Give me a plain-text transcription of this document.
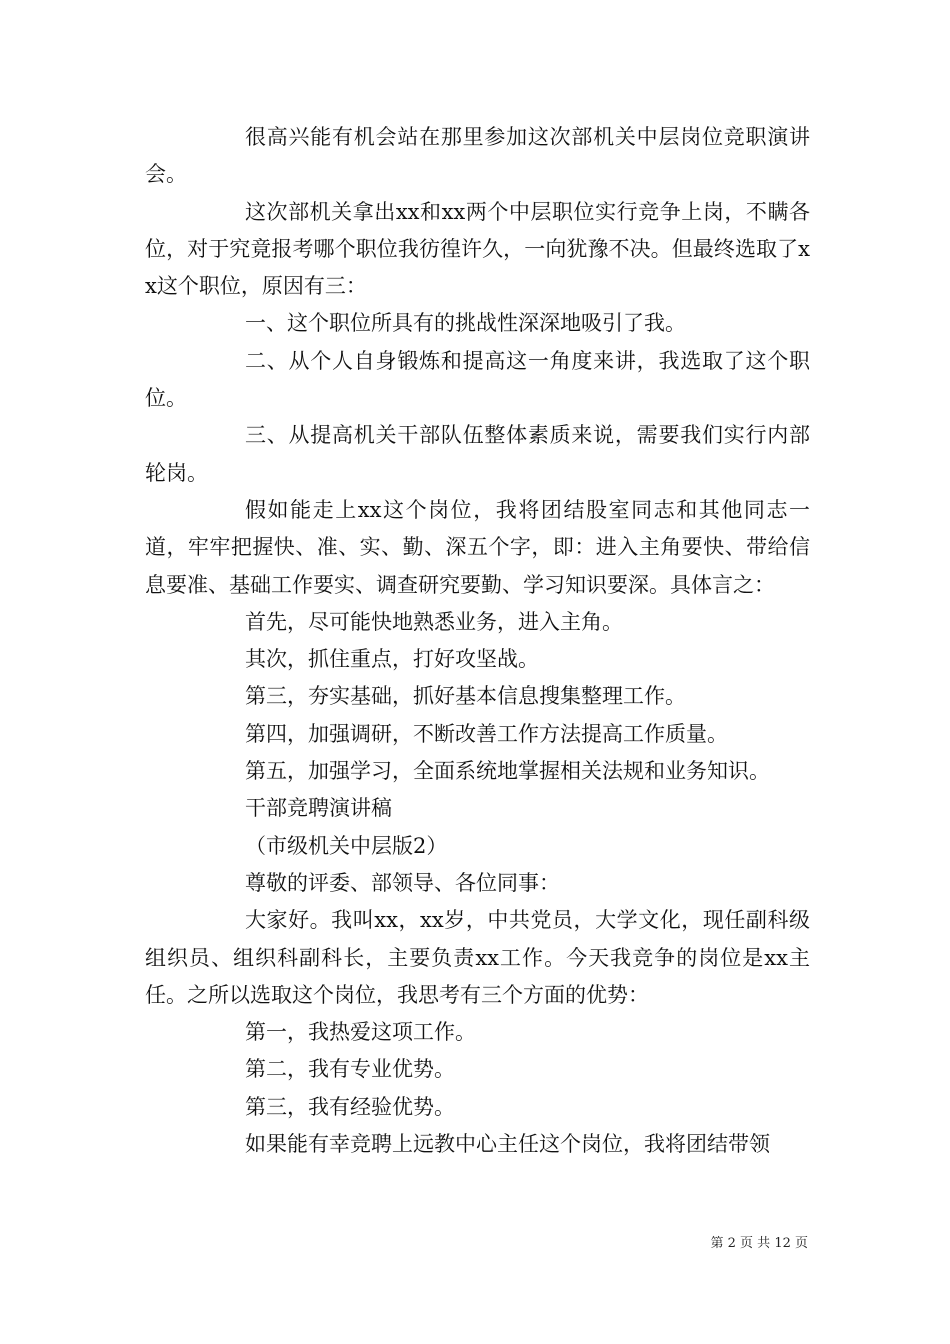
很高兴能有机会站在那里参加这次部机关中层岗位竞职演讲会。

这次部机关拿出xx和xx两个中层职位实行竞争上岗，不瞒各位，对于究竟报考哪个职位我彷徨许久，一向犹豫不决。但最终选取了xx这个职位，原因有三：

一、这个职位所具有的挑战性深深地吸引了我。

二、从个人自身锻炼和提高这一角度来讲，我选取了这个职位。

三、从提高机关干部队伍整体素质来说，需要我们实行内部轮岗。

假如能走上xx这个岗位，我将团结股室同志和其他同志一道，牢牢把握快、准、实、勤、深五个字，即：进入主角要快、带给信息要准、基础工作要实、调查研究要勤、学习知识要深。具体言之：

首先，尽可能快地熟悉业务，进入主角。

其次，抓住重点，打好攻坚战。

第三，夯实基础，抓好基本信息搜集整理工作。

第四，加强调研，不断改善工作方法提高工作质量。

第五，加强学习，全面系统地掌握相关法规和业务知识。

干部竞聘演讲稿

（市级机关中层版2）

尊敬的评委、部领导、各位同事：

大家好。我叫xx，xx岁，中共党员，大学文化，现任副科级组织员、组织科副科长，主要负责xx工作。今天我竞争的岗位是xx主任。之所以选取这个岗位，我思考有三个方面的优势：

第一，我热爱这项工作。

第二，我有专业优势。

第三，我有经验优势。

如果能有幸竞聘上远教中心主任这个岗位，我将团结带领

第 2 页 共 12 页
